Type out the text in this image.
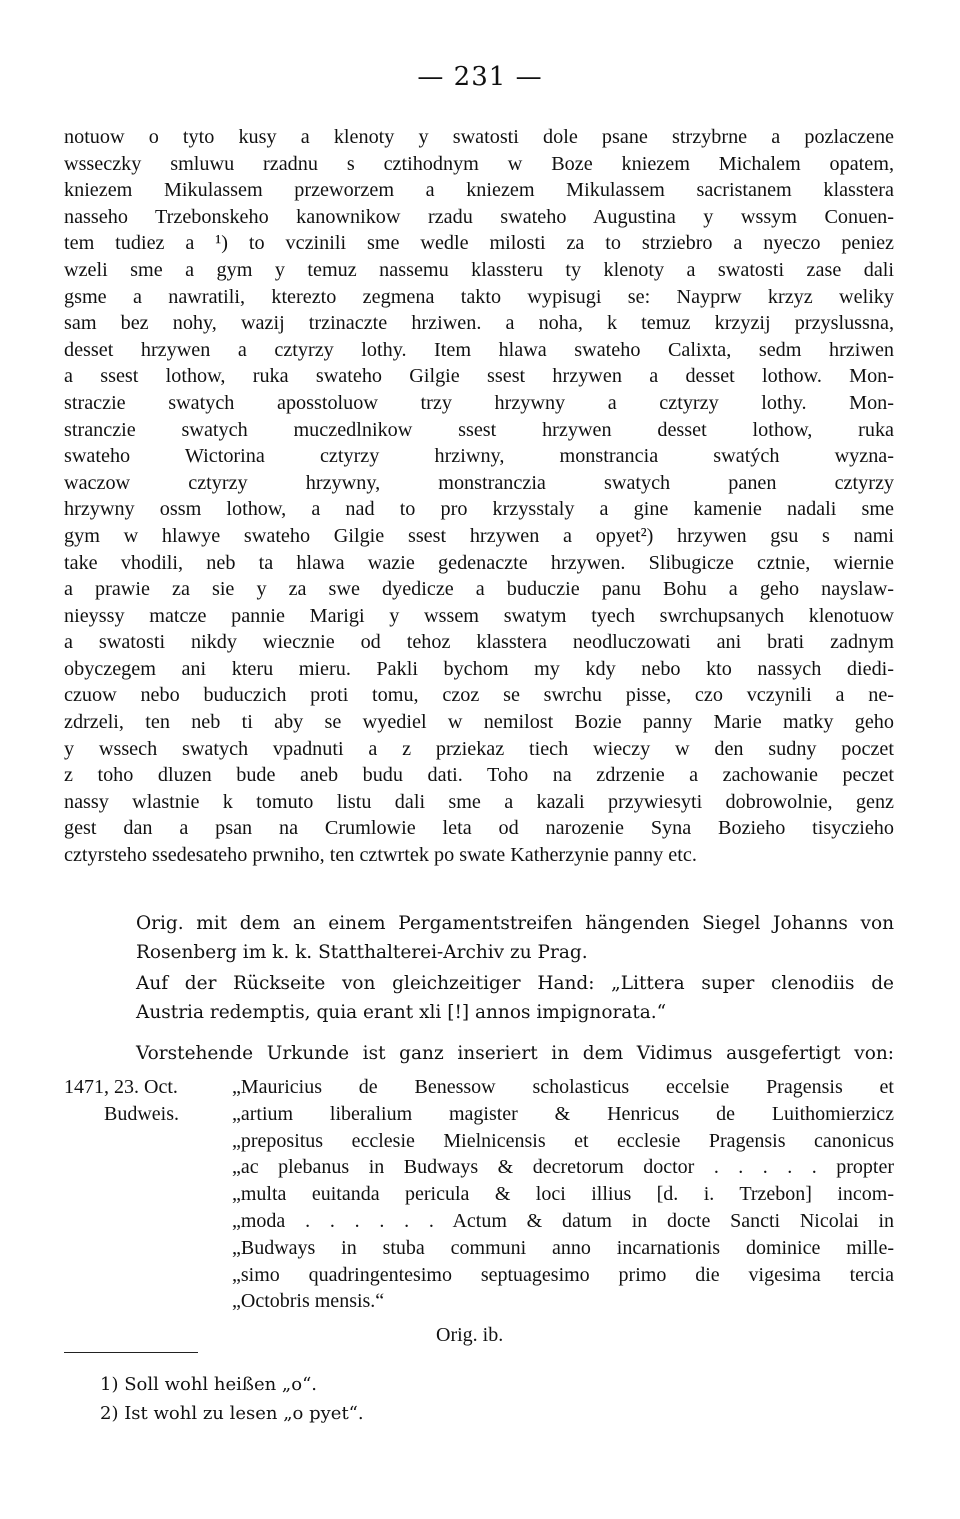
— 231 —
notuow o tyto kusy a klenoty y swatosti dole psane strzybrne a pozlaczene
wsseczky smluwu rzadnu s cztihodnym w Boze kniezem Michalem opatem,
kniezem Mikulassem przeworzem a kniezem Mikulassem sacristanem klasstera
nasseho Trzebonskeho kanownikow rzadu swateho Augustina y wssym Conuen-
tem tudiez a ¹) to vczinili sme wedle milosti za to strziebro a nyeczo peniez
wzeli sme a gym y temuz nassemu klassteru ty klenoty a swatosti zase dali
gsme a nawratili, kterezto zegmena takto wypisugi se: Nayprw krzyz weliky
sam bez nohy, wazij trzinaczte hrziwen. a noha, k temuz krzyzij przyslussna,
desset hrzywen a cztyrzy lothy. Item hlawa swateho Calixta, sedm hrziwen
a ssest lothow, ruka swateho Gilgie ssest hrzywen a desset lothow. Mon-
straczie swatych aposstoluow trzy hrzywny a cztyrzy lothy. Mon-
stranczie swatych muczedlnikow ssest hrzywen desset lothow, ruka
swateho Wictorina cztyrzy hrziwny, monstrancia swatých wyzna-
waczow cztyrzy hrzywny, monstranczia swatych panen cztyrzy
hrzywny ossm lothow, a nad to pro krzysstaly a gine kamenie nadali sme
gym w hlawye swateho Gilgie ssest hrzywen a opyet²) hrzywen gsu s nami
take vhodili, neb ta hlawa wazie gedenaczte hrzywen. Slibugicze cztnie, wiernie
a prawie za sie y za swe dyedicze a buduczie panu Bohu a geho nayslaw-
nieyssy matcze pannie Marigi y wssem swatym tyech swrchupsanych klenotuow
a swatosti nikdy wiecznie od tehoz klasstera neodluczowati ani brati zadnym
obyczegem ani kteru mieru. Pakli bychom my kdy nebo kto nassych diedi-
czuow nebo buduczich proti tomu, czoz se swrchu pisse, czo vczynili a ne-
zdrzeli, ten neb ti aby se wyediel w nemilost Bozie panny Marie matky geho
y wssech swatych vpadnuti a z prziekaz tiech wieczy w den sudny poczet
z toho dluzen bude aneb budu dati. Toho na zdrzenie a zachowanie peczet
nassy wlastnie k tomuto listu dali sme a kazali przywiesyti dobrowolnie, genz
gest dan a psan na Crumlowie leta od narozenie Syna Bozieho tisyczieho
cztyrsteho ssedesateho prwniho, ten cztwrtek po swate Katherzynie panny etc.
Orig. mit dem an einem Pergamentstreifen hängenden Siegel Johanns von
Rosenberg im k. k. Statthalterei-Archiv zu Prag.
Auf der Rückseite von gleichzeitiger Hand: „Littera super clenodiis de
Austria redemptis, quia erant xli [!] annos impignorata.“
Vorstehende Urkunde ist ganz inseriert in dem Vidimus ausgefertigt von:
1471, 23. Oct.	„Mauricius de Benessow scholasticus eccelsie Pragensis et
Budweis.	„artium liberalium magister & Henricus de Luithomierzicz
„prepositus ecclesie Mielnicensis et ecclesie Pragensis canonicus
„ac plebanus in Budways & decretorum doctor . . . . . propter
„multa euitanda pericula & loci illius [d. i. Trzebon] incom-
„moda . . . . . . Actum & datum in docte Sancti Nicolai in
„Budways in stuba communi anno incarnationis dominice mille-
„simo quadringentesimo septuagesimo primo die vigesima tercia
„Octobris mensis.“
Orig. ib.
1) Soll wohl heißen „o“.
2) Ist wohl zu lesen „o pyet“.
